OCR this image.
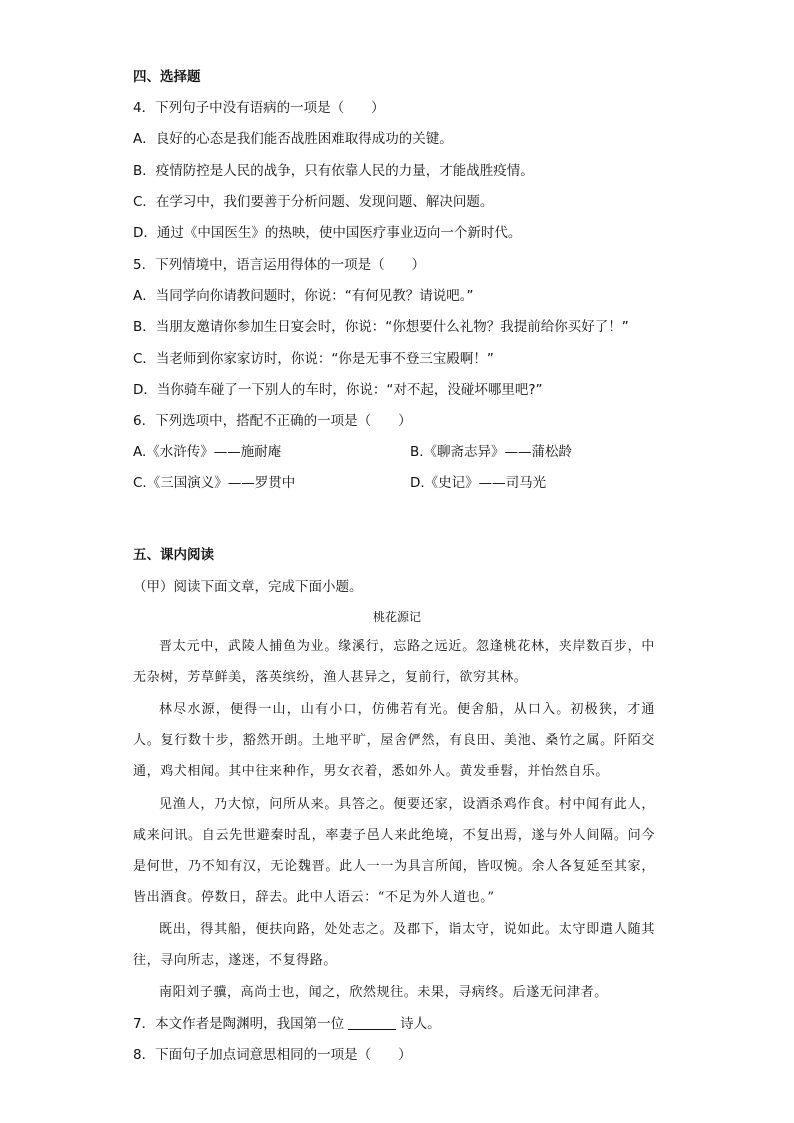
四、选择题
4．下列句子中没有语病的一项是（　　）
A．良好的心态是我们能否战胜困难取得成功的关键。
B．疫情防控是人民的战争，只有依靠人民的力量，才能战胜疫情。
C．在学习中，我们要善于分析问题、发现问题、解决问题。
D．通过《中国医生》的热映，使中国医疗事业迈向一个新时代。
5．下列情境中，语言运用得体的一项是（　　）
A．当同学向你请教问题时，你说：“有何见教？请说吧。”
B．当朋友邀请你参加生日宴会时，你说：“你想要什么礼物？我提前给你买好了！”
C．当老师到你家家访时，你说：“你是无事不登三宝殿啊！”
D．当你骑车碰了一下别人的车时，你说：“对不起，没碰坏哪里吧?”
6．下列选项中，搭配不正确的一项是（　　）
A.《水浒传》——施耐庵	B.《聊斋志异》——蒲松龄
C.《三国演义》——罗贯中	D.《史记》——司马光
五、课内阅读
（甲）阅读下面文章，完成下面小题。
桃花源记
晋太元中，武陵人捕鱼为业。缘溪行，忘路之远近。忽逢桃花林，夹岸数百步，中无杂树，芳草鲜美，落英缤纷，渔人甚异之，复前行，欲穷其林。
林尽水源，便得一山，山有小口，仿佛若有光。便舍船，从口入。初极狭，才通人。复行数十步，豁然开朗。土地平旷，屋舍俨然，有良田、美池、桑竹之属。阡陌交通，鸡犬相闻。其中往来种作，男女衣着，悉如外人。黄发垂髫，并怡然自乐。
见渔人，乃大惊，问所从来。具答之。便要还家，设酒杀鸡作食。村中闻有此人，咸来问讯。自云先世避秦时乱，率妻子邑人来此绝境，不复出焉，遂与外人间隔。问今是何世，乃不知有汉，无论魏晋。此人一一为具言所闻，皆叹惋。余人各复延至其家，皆出酒食。停数日，辞去。此中人语云：“不足为外人道也。”
既出，得其船，便扶向路，处处志之。及郡下，诣太守，说如此。太守即遣人随其往，寻向所志，遂迷，不复得路。
南阳刘子骥，高尚士也，闻之，欣然规往。未果，寻病终。后遂无问津者。
7．本文作者是陶渊明，我国第一位	诗人。
8．下面句子加点词意思相同的一项是（　　）
